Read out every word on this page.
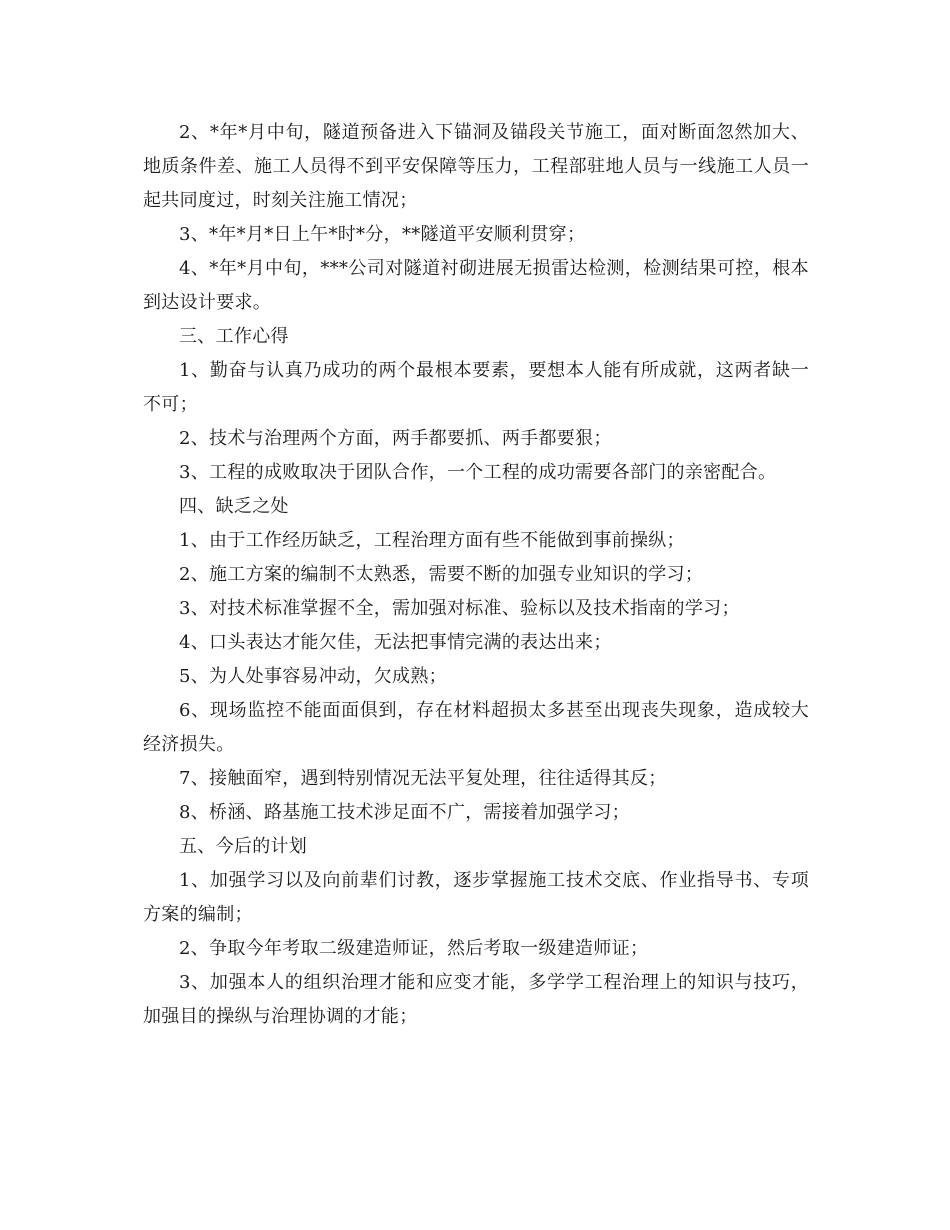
2、*年*月中旬，隧道预备进入下锚洞及锚段关节施工，面对断面忽然加大、地质条件差、施工人员得不到平安保障等压力，工程部驻地人员与一线施工人员一起共同度过，时刻关注施工情况；

3、*年*月*日上午*时*分，**隧道平安顺利贯穿；

4、*年*月中旬，***公司对隧道衬砌进展无损雷达检测，检测结果可控，根本到达设计要求。

三、工作心得

1、勤奋与认真乃成功的两个最根本要素，要想本人能有所成就，这两者缺一不可；

2、技术与治理两个方面，两手都要抓、两手都要狠；

3、工程的成败取决于团队合作，一个工程的成功需要各部门的亲密配合。

四、缺乏之处

1、由于工作经历缺乏，工程治理方面有些不能做到事前操纵；

2、施工方案的编制不太熟悉，需要不断的加强专业知识的学习；

3、对技术标准掌握不全，需加强对标准、验标以及技术指南的学习；

4、口头表达才能欠佳，无法把事情完满的表达出来；

5、为人处事容易冲动，欠成熟；

6、现场监控不能面面俱到，存在材料超损太多甚至出现丧失现象，造成较大经济损失。

7、接触面窄，遇到特别情况无法平复处理，往往适得其反；

8、桥涵、路基施工技术涉足面不广，需接着加强学习；

五、今后的计划

1、加强学习以及向前辈们讨教，逐步掌握施工技术交底、作业指导书、专项方案的编制；

2、争取今年考取二级建造师证，然后考取一级建造师证；

3、加强本人的组织治理才能和应变才能，多学学工程治理上的知识与技巧，加强目的操纵与治理协调的才能；
